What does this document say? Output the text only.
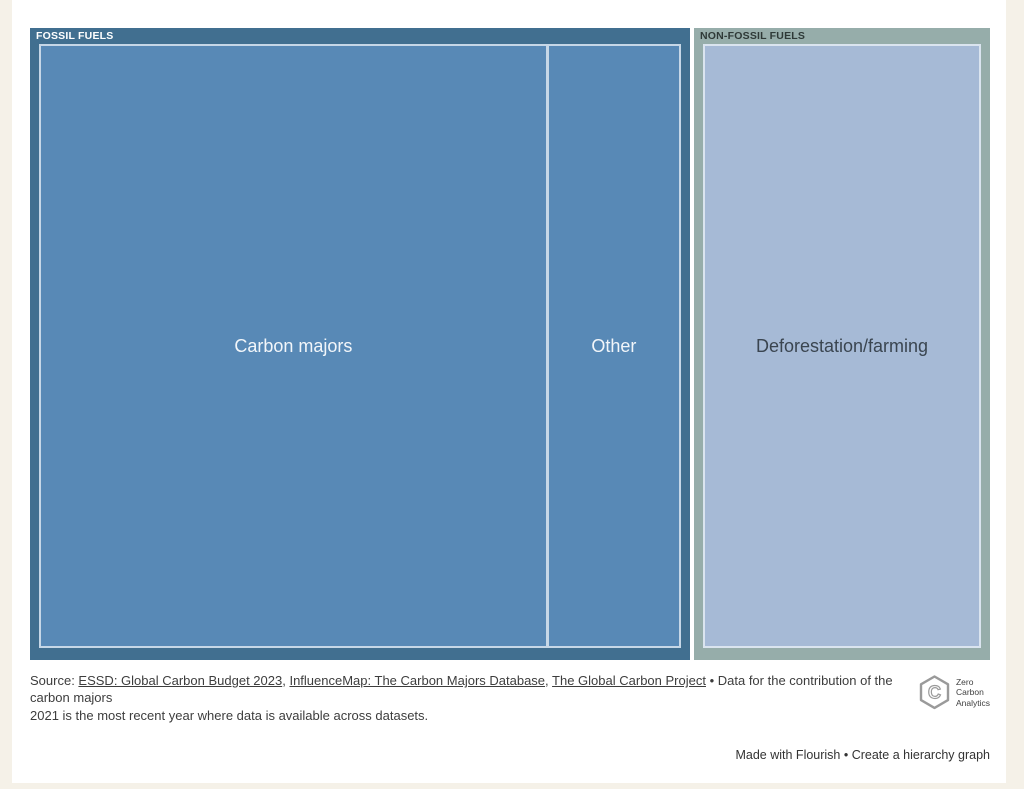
FOSSIL FUELS
Carbon majors	Other
NON-FOSSIL FUELS
Deforestation/farming
Source: ESSD: Global Carbon Budget 2023, InfluenceMap: The Carbon Majors Database, The Global Carbon Project • Data for the contribution of the carbon majors
2021 is the most recent year where data is available across datasets.
C
Zero
Carbon
Analytics
Made with Flourish • Create a hierarchy graph
